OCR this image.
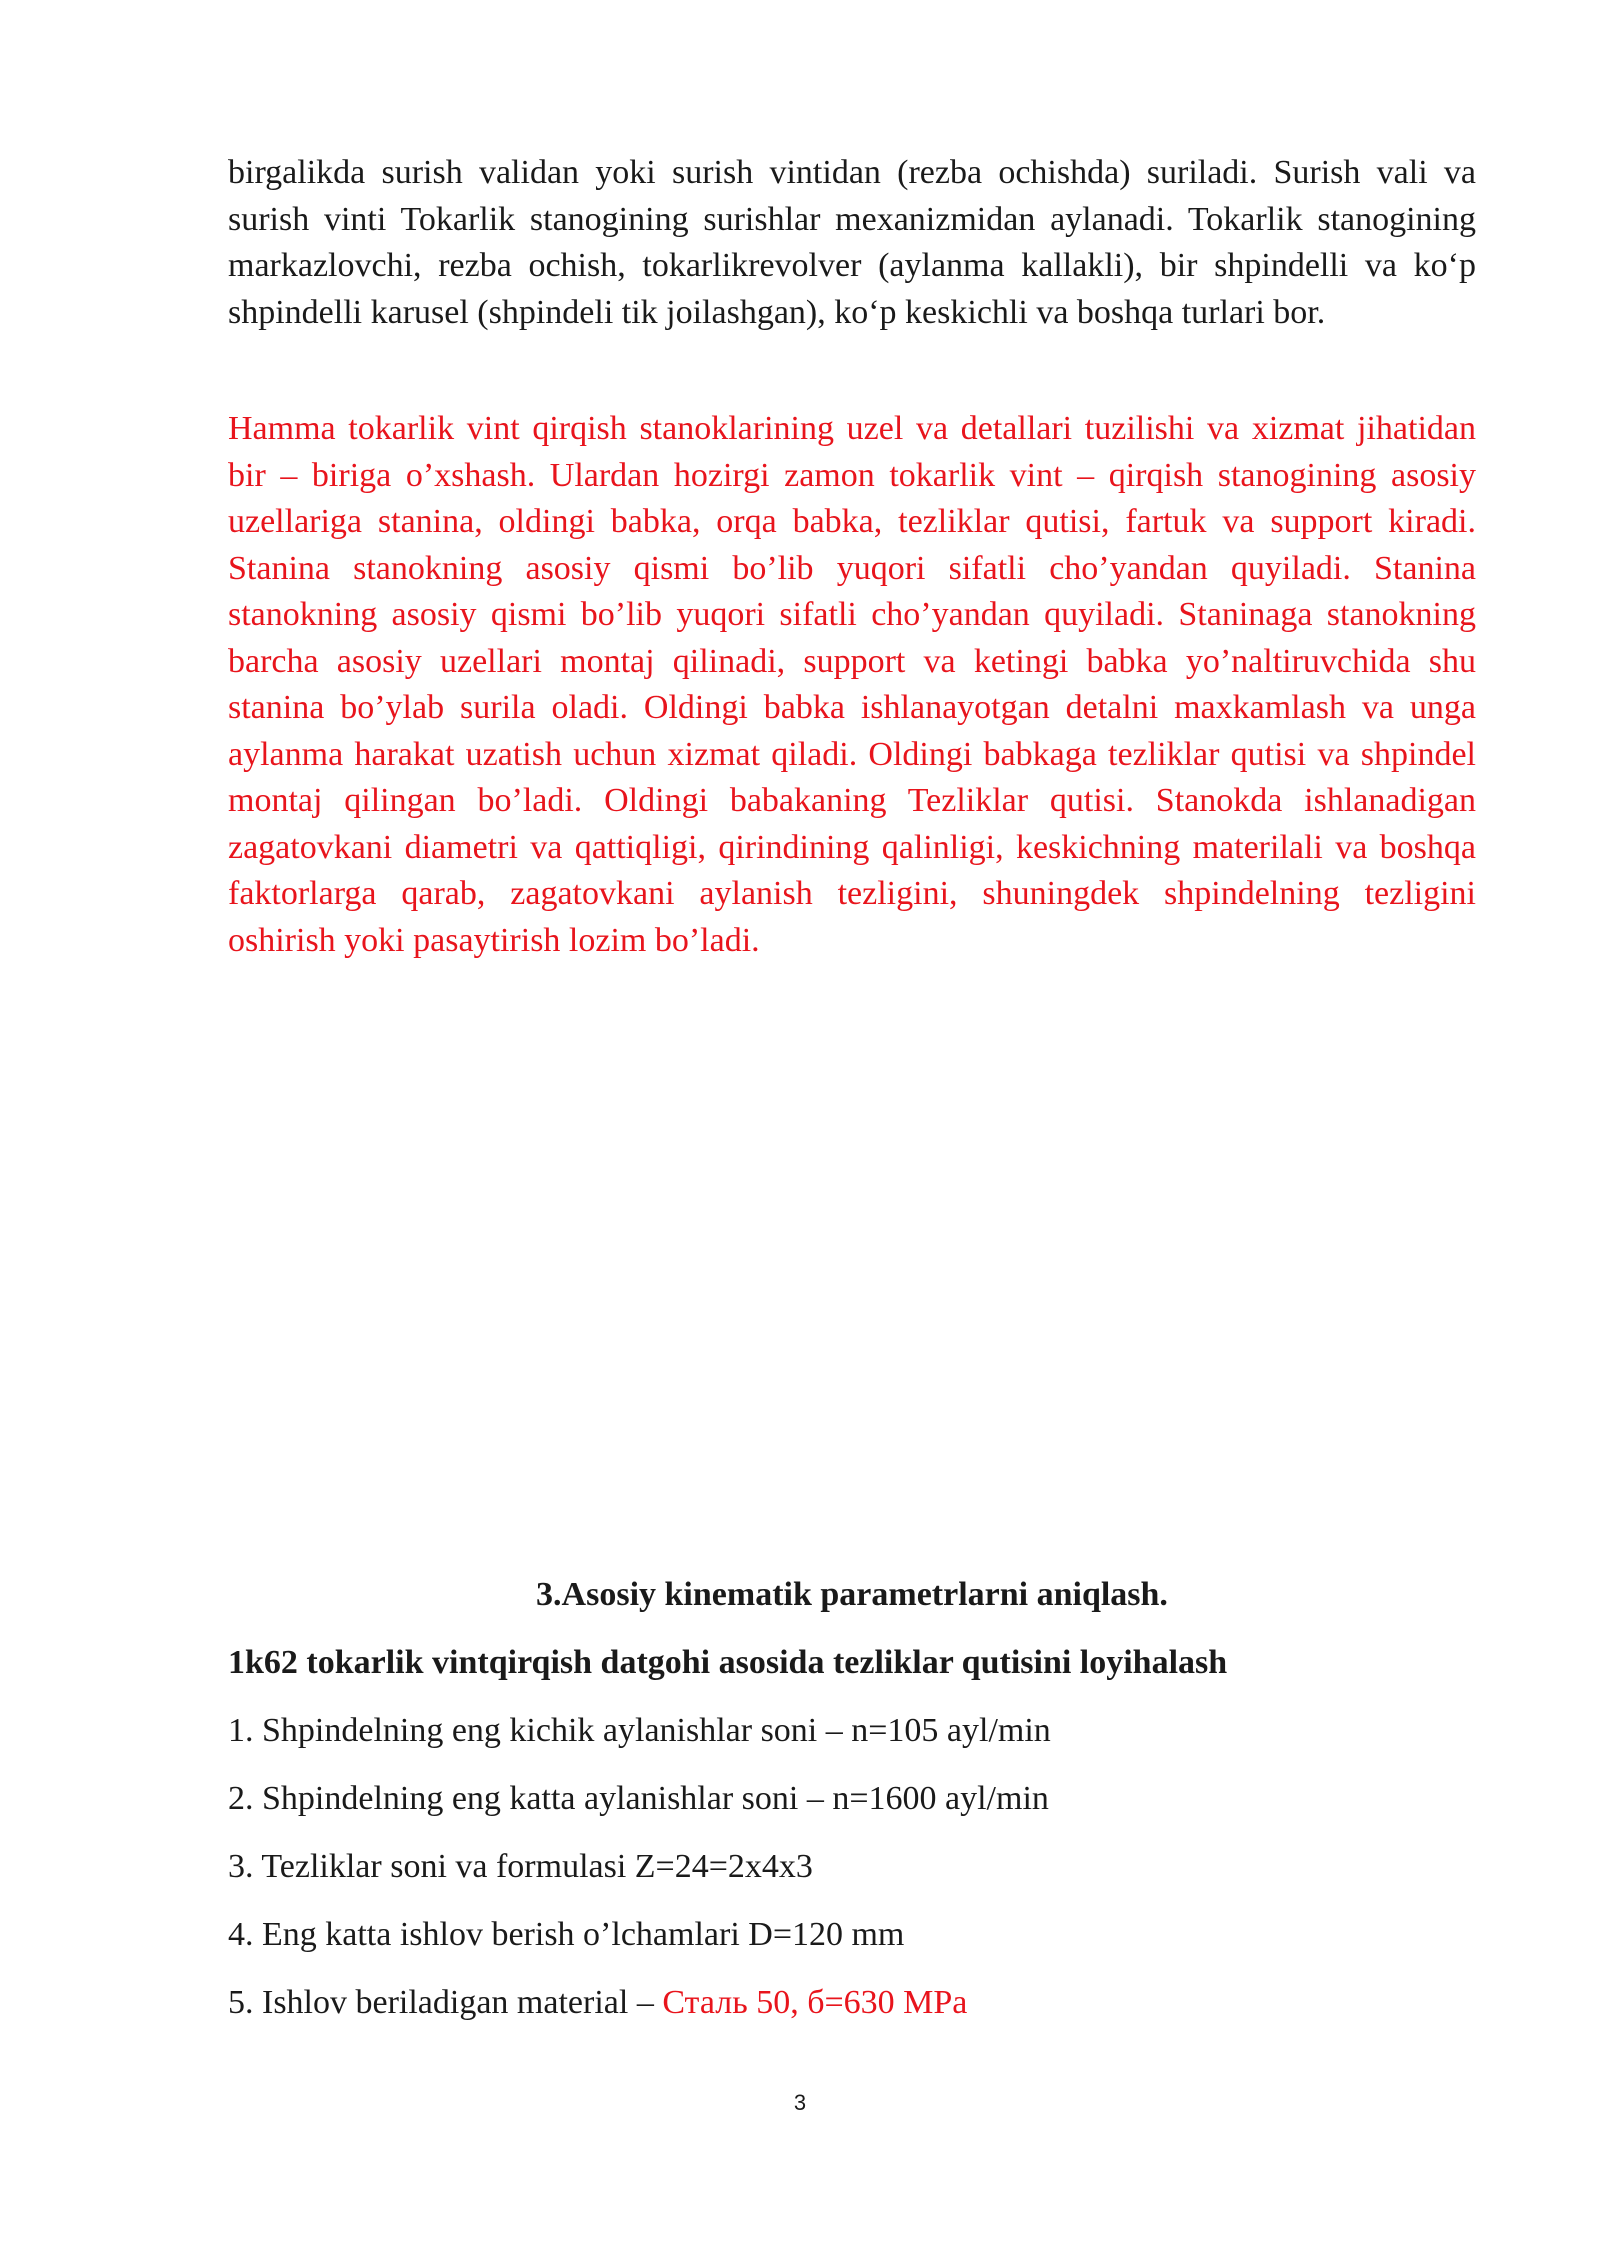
birgalikda surish validan yoki surish vintidan (rezba ochishda) suriladi. Surish vali va surish vinti Tokarlik stanogining surishlar mexanizmidan aylanadi. Tokarlik stanogining markazlovchi, rezba ochish, tokarlikrevolver (aylanma kallakli), bir shpindelli va ko‘p shpindelli karusel (shpindeli tik joilashgan), ko‘p keskichli va boshqa turlari bor.

Hamma tokarlik vint qirqish stanoklarining uzel va detallari tuzilishi va xizmat jihatidan bir – biriga o’xshash. Ulardan hozirgi zamon tokarlik vint – qirqish stanogining asosiy uzellariga stanina, oldingi babka, orqa babka, tezliklar qutisi, fartuk va support kiradi. Stanina stanokning asosiy qismi bo’lib yuqori sifatli cho’yandan quyiladi. Stanina stanokning asosiy qismi bo’lib yuqori sifatli cho’yandan quyiladi. Staninaga stanokning barcha asosiy uzellari montaj qilinadi, support va ketingi babka yo’naltiruvchida shu stanina bo’ylab surila oladi. Oldingi babka ishlanayotgan detalni maxkamlash va unga aylanma harakat uzatish uchun xizmat qiladi. Oldingi babkaga tezliklar qutisi va shpindel montaj qilingan bo’ladi. Oldingi babakaning Tezliklar qutisi. Stanokda ishlanadigan zagatovkani diametri va qattiqligi, qirindining qalinligi, keskichning materilali va boshqa faktorlarga qarab, zagatovkani aylanish tezligini, shuningdek shpindelning tezligini oshirish yoki pasaytirish lozim bo’ladi.

3.Asosiy kinematik parametrlarni aniqlash.
1k62 tokarlik vintqirqish datgohi asosida tezliklar qutisini loyihalash
1. Shpindelning eng kichik aylanishlar soni – n=105 ayl/min
2. Shpindelning eng katta aylanishlar soni – n=1600 ayl/min
3. Tezliklar soni va formulasi Z=24=2x4x3
4. Eng katta ishlov berish o’lchamlari D=120 mm
5. Ishlov beriladigan material – Сталь 50, б=630 MPa
3
